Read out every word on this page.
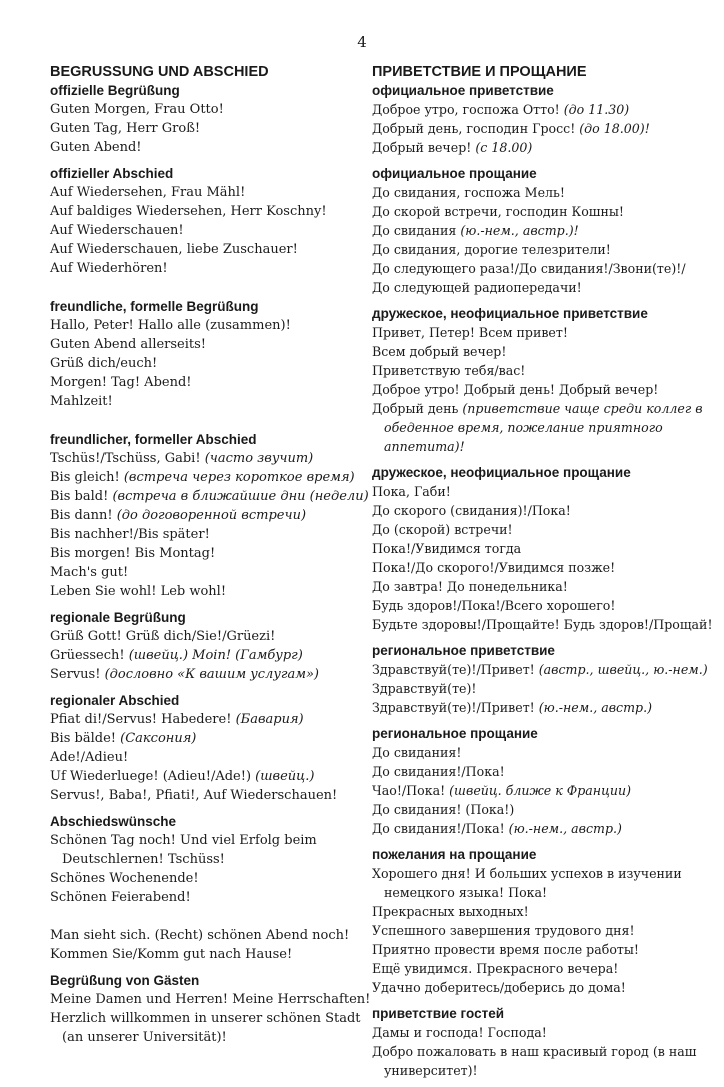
4
BEGRUSSUNG UND ABSCHIED
offizielle Begrüßung
Guten Morgen, Frau Otto!
Guten Tag, Herr Groß!
Guten Abend!
offizieller Abschied
Auf Wiedersehen, Frau Mähl!
Auf baldiges Wiedersehen, Herr Koschny!
Auf Wiederschauen!
Auf Wiederschauen, liebe Zuschauer!
Auf Wiederhören!
freundliche, formelle Begrüßung
Hallo, Peter! Hallo alle (zusammen)!
Guten Abend allerseits!
Grüß dich/euch!
Morgen! Tag! Abend!
Mahlzeit!
freundlicher, formeller Abschied
Tschüs!/Tschüss, Gabi! (часто звучит)
Bis gleich! (встреча через короткое время)
Bis bald! (встреча в ближайшие дни (недели)
Bis dann! (до договоренной встречи)
Bis nachher!/Bis später!
Bis morgen! Bis Montag!
Mach's gut!
Leben Sie wohl! Leb wohl!
regionale Begrüßung
Grüß Gott! Grüß dich/Sie!/Grüezi!
Grüessech! (швейц.) Moin! (Гамбург)
Servus! (дословно «К вашим услугам»)
regionaler Abschied
Pfiat di!/Servus! Habedere! (Бавария)
Bis bälde! (Саксония)
Ade!/Adieu!
Uf Wiederluege! (Adieu!/Ade!) (швейц.)
Servus!, Baba!, Pfiati!, Auf Wiederschauen!
Abschiedswünsche
Schönen Tag noch! Und viel Erfolg beim Deutschlernen! Tschüss!
Schönes Wochenende!
Schönen Feierabend!
Man sieht sich. (Recht) schönen Abend noch!
Kommen Sie/Komm gut nach Hause!
Begrüßung von Gästen
Meine Damen und Herren! Meine Herrschaften!
Herzlich willkommen in unserer schönen Stadt (an unserer Universität)!
ПРИВЕТСТВИЕ И ПРОЩАНИЕ
официальное приветствие
Доброе утро, госпожа Отто! (до 11.30)
Добрый день, господин Гросс! (до 18.00)!
Добрый вечер! (с 18.00)
официальное прощание
До свидания, госпожа Мель!
До скорой встречи, господин Кошны!
До свидания (ю.-нем., австр.)!
До свидания, дорогие телезрители!
До следующего раза!/До свидания!/Звони(те)!/
До следующей радиопередачи!
дружеское, неофициальное приветствие
Привет, Петер! Всем привет!
Всем добрый вечер!
Приветствую тебя/вас!
Доброе утро! Добрый день! Добрый вечер!
Добрый день (приветствие чаще среди коллег в обеденное время, пожелание приятного аппетита)!
дружеское, неофициальное прощание
Пока, Габи!
До скорого (свидания)!/Пока!
До (скорой) встречи!
Пока!/Увидимся тогда
Пока!/До скорого!/Увидимся позже!
До завтра! До понедельника!
Будь здоров!/Пока!/Всего хорошего!
Будьте здоровы!/Прощайте! Будь здоров!/Прощай!
региональное приветствие
Здравствуй(те)!/Привет! (австр., швейц., ю.-нем.)
Здравствуй(те)!
Здравствуй(те)!/Привет! (ю.-нем., австр.)
региональное прощание
До свидания!
До свидания!/Пока!
Чао!/Пока! (швейц. ближе к Франции)
До свидания! (Пока!)
До свидания!/Пока! (ю.-нем., австр.)
пожелания на прощание
Хорошего дня! И больших успехов в изучении немецкого языка! Пока!
Прекрасных выходных!
Успешного завершения трудового дня!
Приятно провести время после работы!
Ещё увидимся. Прекрасного вечера!
Удачно доберитесь/доберись до дома!
приветствие гостей
Дамы и господа! Господа!
Добро пожаловать в наш красивый город (в наш университет)!
